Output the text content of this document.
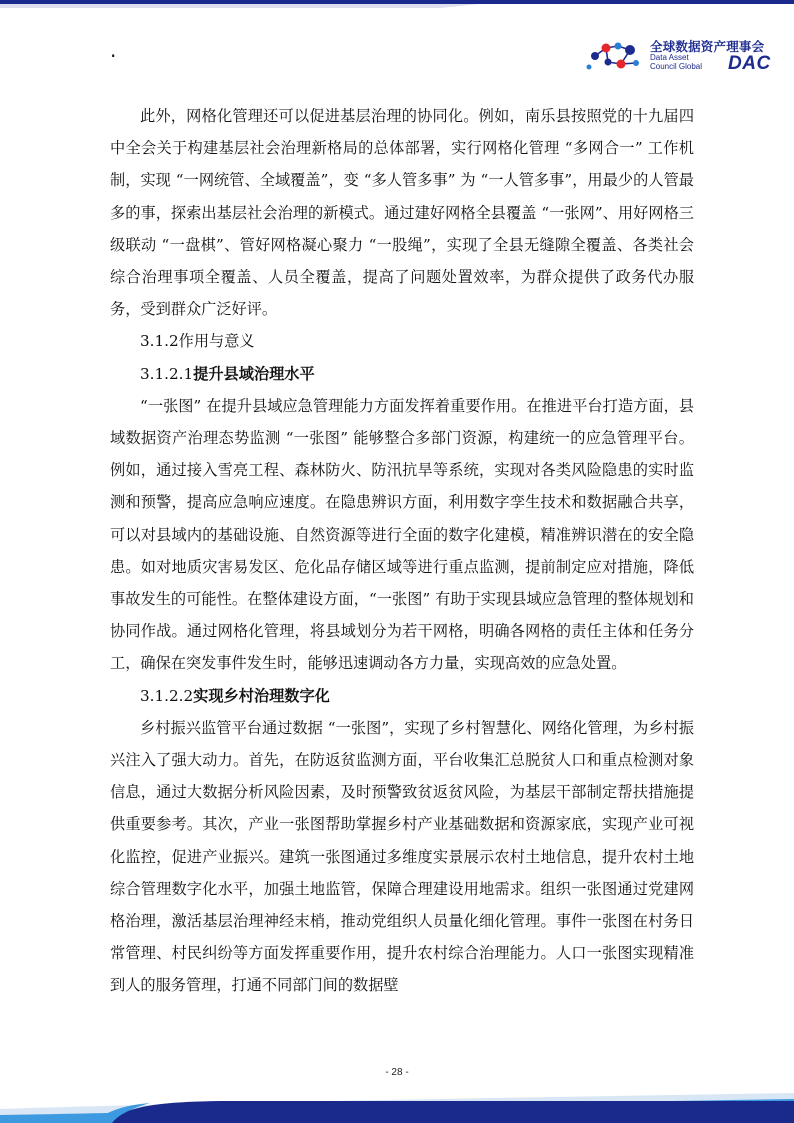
·	全球数据资产理事会
Data Asset
Council Global DAC

此外，网格化管理还可以促进基层治理的协同化。例如，南乐县按照党的十九届四中全会关于构建基层社会治理新格局的总体部署，实行网格化管理 “多网合一” 工作机制，实现 “一网统管、全域覆盖”，变 “多人管多事” 为 “一人管多事”，用最少的人管最多的事，探索出基层社会治理的新模式。通过建好网格全县覆盖 “一张网”、用好网格三级联动 “一盘棋”、管好网格凝心聚力 “一股绳”，实现了全县无缝隙全覆盖、各类社会综合治理事项全覆盖、人员全覆盖，提高了问题处置效率，为群众提供了政务代办服务，受到群众广泛好评。

3.1.2作用与意义

3.1.2.1提升县域治理水平

“一张图” 在提升县域应急管理能力方面发挥着重要作用。在推进平台打造方面，县域数据资产治理态势监测 “一张图” 能够整合多部门资源，构建统一的应急管理平台。例如，通过接入雪亮工程、森林防火、防汛抗旱等系统，实现对各类风险隐患的实时监测和预警，提高应急响应速度。在隐患辨识方面，利用数字孪生技术和数据融合共享，可以对县域内的基础设施、自然资源等进行全面的数字化建模，精准辨识潜在的安全隐患。如对地质灾害易发区、危化品存储区域等进行重点监测，提前制定应对措施，降低事故发生的可能性。在整体建设方面，“一张图” 有助于实现县域应急管理的整体规划和协同作战。通过网格化管理，将县域划分为若干网格，明确各网格的责任主体和任务分工，确保在突发事件发生时，能够迅速调动各方力量，实现高效的应急处置。

3.1.2.2实现乡村治理数字化

乡村振兴监管平台通过数据 “一张图”，实现了乡村智慧化、网络化管理，为乡村振兴注入了强大动力。首先，在防返贫监测方面，平台收集汇总脱贫人口和重点检测对象信息，通过大数据分析风险因素，及时预警致贫返贫风险，为基层干部制定帮扶措施提供重要参考。其次，产业一张图帮助掌握乡村产业基础数据和资源家底，实现产业可视化监控，促进产业振兴。建筑一张图通过多维度实景展示农村土地信息，提升农村土地综合管理数字化水平，加强土地监管，保障合理建设用地需求。组织一张图通过党建网格治理，激活基层治理神经末梢，推动党组织人员量化细化管理。事件一张图在村务日常管理、村民纠纷等方面发挥重要作用，提升农村综合治理能力。人口一张图实现精准到人的服务管理，打通不同部门间的数据壁

- 28 -
